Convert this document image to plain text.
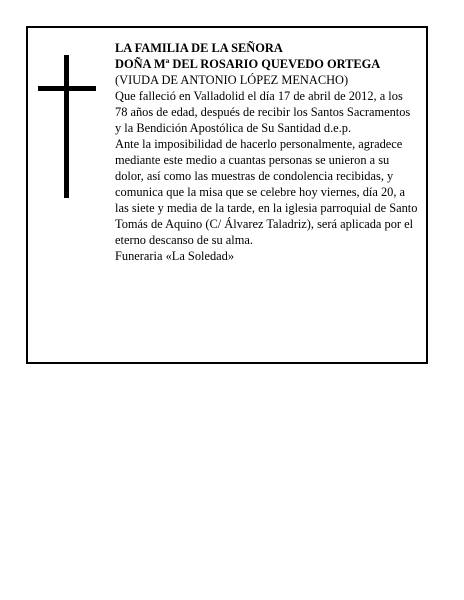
LA FAMILIA DE LA SEÑORA

DOÑA Mª DEL ROSARIO QUEVEDO ORTEGA

(VIUDA DE ANTONIO LÓPEZ MENACHO)

Que falleció en Valladolid el día 17 de abril de 2012, a los 78 años de edad, después de recibir los Santos Sacramentos y la Bendición Apostólica de Su Santidad d.e.p.

Ante la imposibilidad de hacerlo personalmente, agradece mediante este medio a cuantas personas se unieron a su dolor, así como las muestras de condolencia recibidas, y comunica que la misa que se celebre hoy viernes, día 20, a las siete y media de la tarde, en la iglesia parroquial de Santo Tomás de Aquino (C/ Álvarez Taladriz), será aplicada por el eterno descanso de su alma.

Funeraria «La Soledad»
